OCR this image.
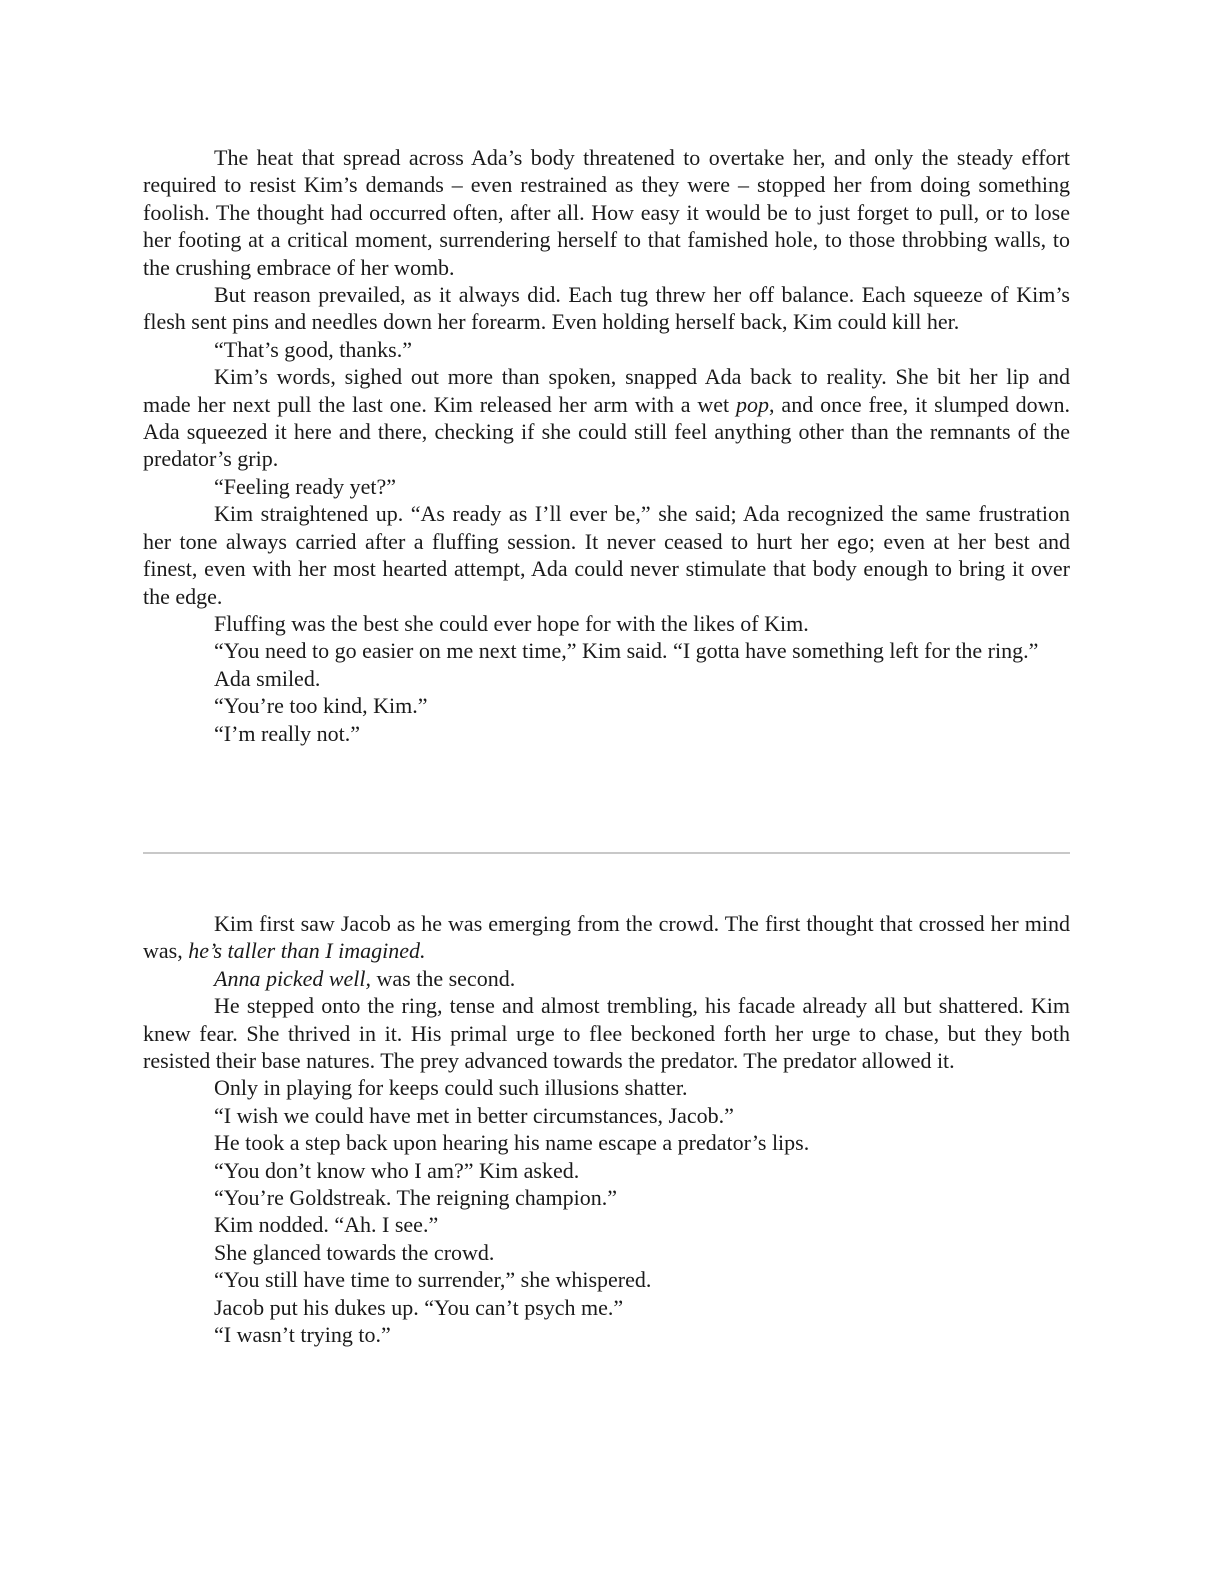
The heat that spread across Ada’s body threatened to overtake her, and only the steady effort required to resist Kim’s demands – even restrained as they were – stopped her from doing something foolish. The thought had occurred often, after all. How easy it would be to just forget to pull, or to lose her footing at a critical moment, surrendering herself to that famished hole, to those throbbing walls, to the crushing embrace of her womb.

But reason prevailed, as it always did. Each tug threw her off balance. Each squeeze of Kim’s flesh sent pins and needles down her forearm. Even holding herself back, Kim could kill her.

“That’s good, thanks.”

Kim’s words, sighed out more than spoken, snapped Ada back to reality. She bit her lip and made her next pull the last one. Kim released her arm with a wet pop, and once free, it slumped down. Ada squeezed it here and there, checking if she could still feel anything other than the remnants of the predator’s grip.

“Feeling ready yet?”

Kim straightened up. “As ready as I’ll ever be,” she said; Ada recognized the same frustration her tone always carried after a fluffing session. It never ceased to hurt her ego; even at her best and finest, even with her most hearted attempt, Ada could never stimulate that body enough to bring it over the edge.

Fluffing was the best she could ever hope for with the likes of Kim.

“You need to go easier on me next time,” Kim said. “I gotta have something left for the ring.”

Ada smiled.

“You’re too kind, Kim.”

“I’m really not.”

Kim first saw Jacob as he was emerging from the crowd. The first thought that crossed her mind was, he’s taller than I imagined.

Anna picked well, was the second.

He stepped onto the ring, tense and almost trembling, his facade already all but shattered. Kim knew fear. She thrived in it. His primal urge to flee beckoned forth her urge to chase, but they both resisted their base natures. The prey advanced towards the predator. The predator allowed it.

Only in playing for keeps could such illusions shatter.

“I wish we could have met in better circumstances, Jacob.”

He took a step back upon hearing his name escape a predator’s lips.

“You don’t know who I am?” Kim asked.

“You’re Goldstreak. The reigning champion.”

Kim nodded. “Ah. I see.”

She glanced towards the crowd.

“You still have time to surrender,” she whispered.

Jacob put his dukes up. “You can’t psych me.”

“I wasn’t trying to.”
